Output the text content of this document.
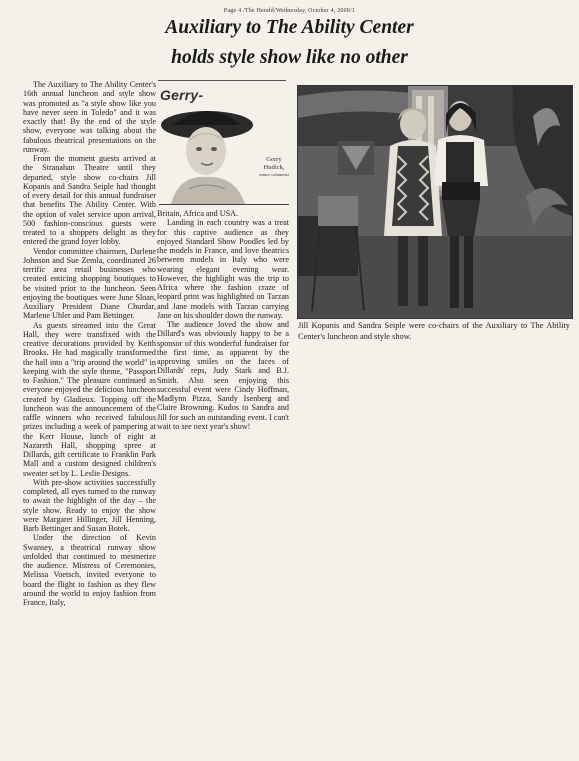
Page 4 /The Herald/Wednesday, October 4, 2000/1
Auxiliary to The Ability Center
holds style show like no other

The Auxiliary to The Ability Center's 16th annual luncheon and style show was promoted as "a style show like you have never seen in Toledo" and it was exactly that! By the end of the style show, everyone was talking about the fabulous theatrical presentations on the runway.

From the moment guests arrived at the Stranahan Theatre until they departed, style show co-chairs Jill Kopanis and Sandra Seiple had thought of every detail for this annual fundraiser that benefits The Ability Center. With the option of valet service upon arrival, 500 fashion-conscious guests were treated to a shoppers delight as they entered the grand foyer lobby.

Vendor committee chairmen, Darlene Johnson and Sue Zemla, coordinated 26 terrific area retail businesses who created enticing shopping boutiques to be visited prior to the luncheon. Seen enjoying the boutiques were June Sloan, Auxiliary President Diane Churdar, Marlene Uhler and Pam Bettinger.

As guests streamed into the Great Hall, they were transfixed with the creative decorations provided by Keith Brooks. He had magically transformed the hall into a "trip around the world" in keeping with the style theme, "Passport to Fashion." The pleasure continued as everyone enjoyed the delicious luncheon created by Gladieux. Topping off the luncheon was the announcement of the raffle winners who received fabulous prizes including a week of pampering at the Kerr House, lunch of eight at Nazareth Hall, shopping spree at Dillards, gift certificate to Franklin Park Mall and a custom designed children's sweater set by L. Leslie Designs.

With pre-show activities successfully completed, all eyes turned to the runway to await the highlight of the day – the style show. Ready to enjoy the show were Margaret Hillinger, Jill Henning, Barb Bettinger and Susan Botek.

Under the direction of Kevin Swansey, a theatrical runway show unfolded that continued to mesmerize the audience. Mistress of Ceremonies, Melissa Voetsch, invited everyone to board the flight to fashion as they flew around the world to enjoy fashion from France, Italy,

Gerry-
Gerry
Hudick,
senior columnist

Britain, Africa and USA.

Landing in each country was a treat for this captive audience as they enjoyed Standard Show Poodles led by the models in France, and love theatrics between models in Italy who were wearing elegant evening wear. However, the highlight was the trip to Africa where the fashion craze of leopard print was highlighted on Tarzan and Jane models with Tarzan carrying Jane on his shoulder down the runway.

The audience loved the show and Dillard's was obviously happy to be a sponsor of this wonderful fundraiser for the first time, as apparent by the approving smiles on the faces of Dillards' reps, Judy Stark and B.J. Smith. Also seen enjoying this successful event were Cindy Hoffman, Madlynn Pizza, Sandy Isenberg and Claire Browning. Kudos to Sandra and Jill for such an outstanding event. I can't wait to see next year's show!

Jill Kopanis and Sandra Seiple were co-chairs of the Auxiliary to The Ability Center's luncheon and style show.
